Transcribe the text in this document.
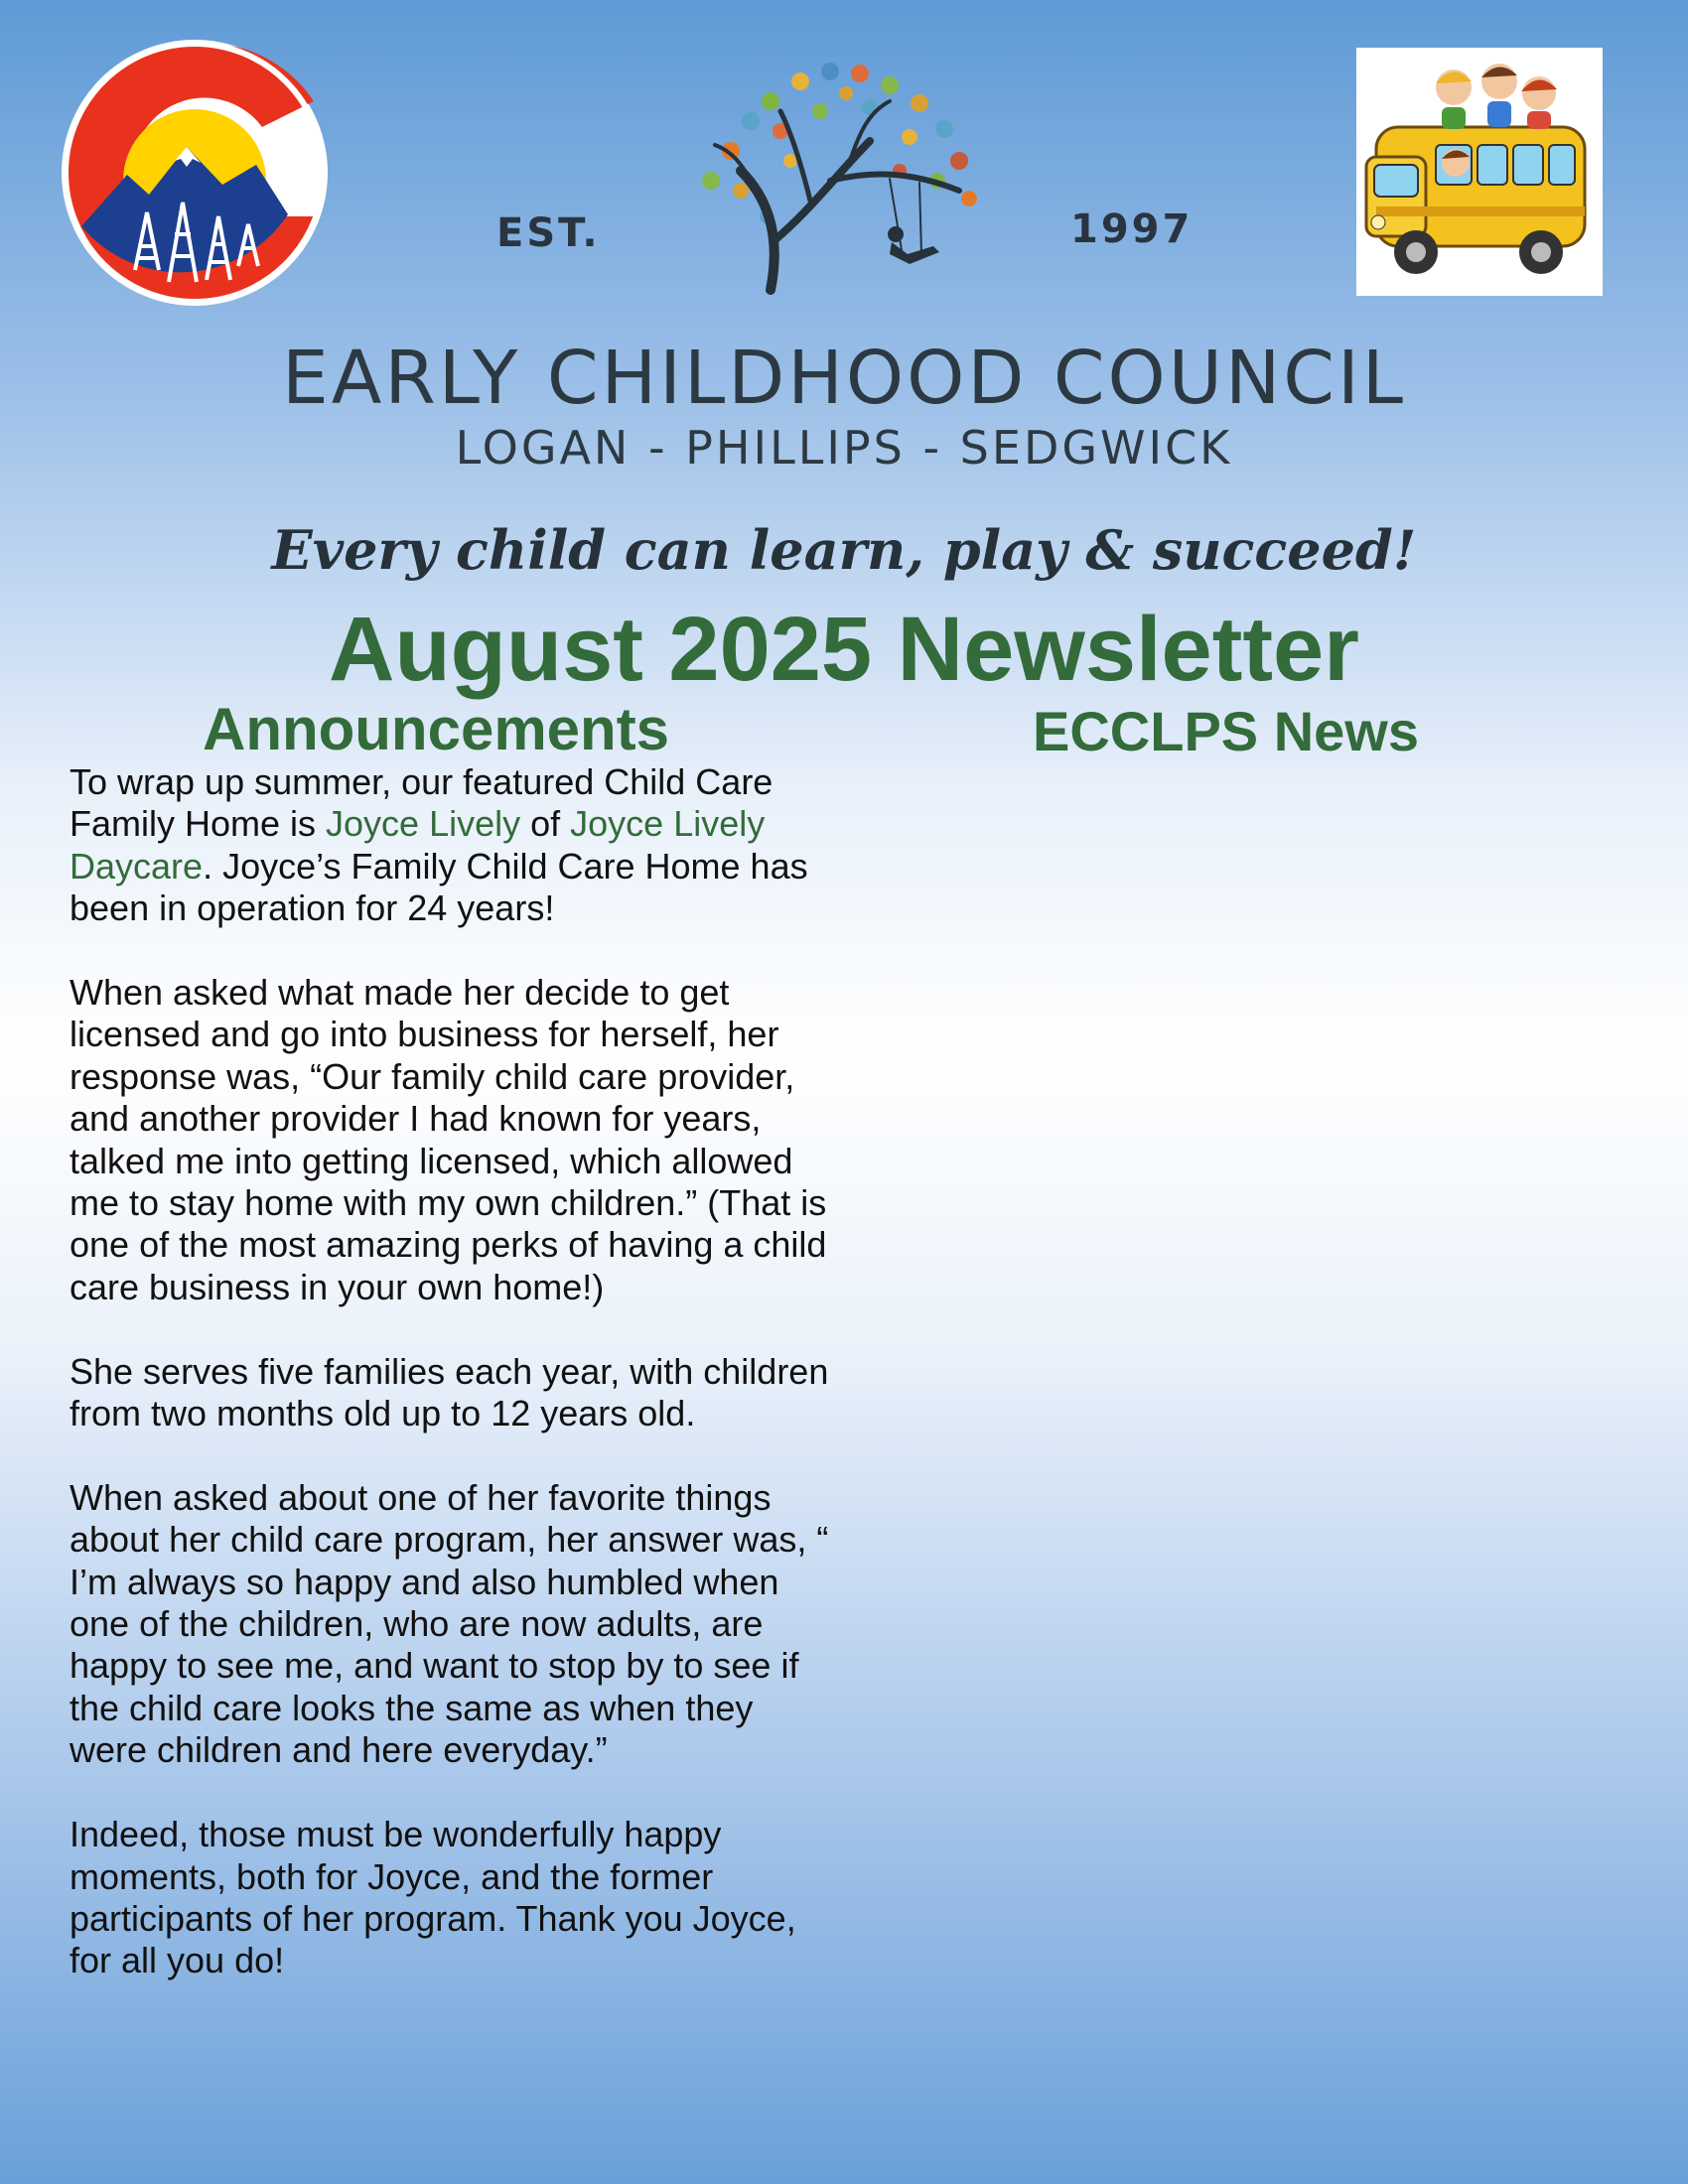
EST.	1997
EARLY CHILDHOOD COUNCIL
LOGAN - PHILLIPS - SEDGWICK
Every child can learn, play & succeed!
August 2025 Newsletter
Announcements	ECCLPS News

To wrap up summer, our featured Child Care Family Home is Joyce Lively of Joyce Lively Daycare. Joyce’s Family Child Care Home has been in operation for 24 years!

When asked what made her decide to get licensed and go into business for herself, her response was, “Our family child care provider, and another provider I had known for years, talked me into getting licensed, which allowed me to stay home with my own children.” (That is one of the most amazing perks of having a child care business in your own home!)

She serves five families each year, with children from two months old up to 12 years old.

When asked about one of her favorite things about her child care program, her answer was, “ I’m always so happy and also humbled when one of the children, who are now adults, are happy to see me, and want to stop by to see if the child care looks the same as when they were children and here everyday.”

Indeed, those must be wonderfully happy moments, both for Joyce, and the former participants of her program. Thank you Joyce, for all you do!
